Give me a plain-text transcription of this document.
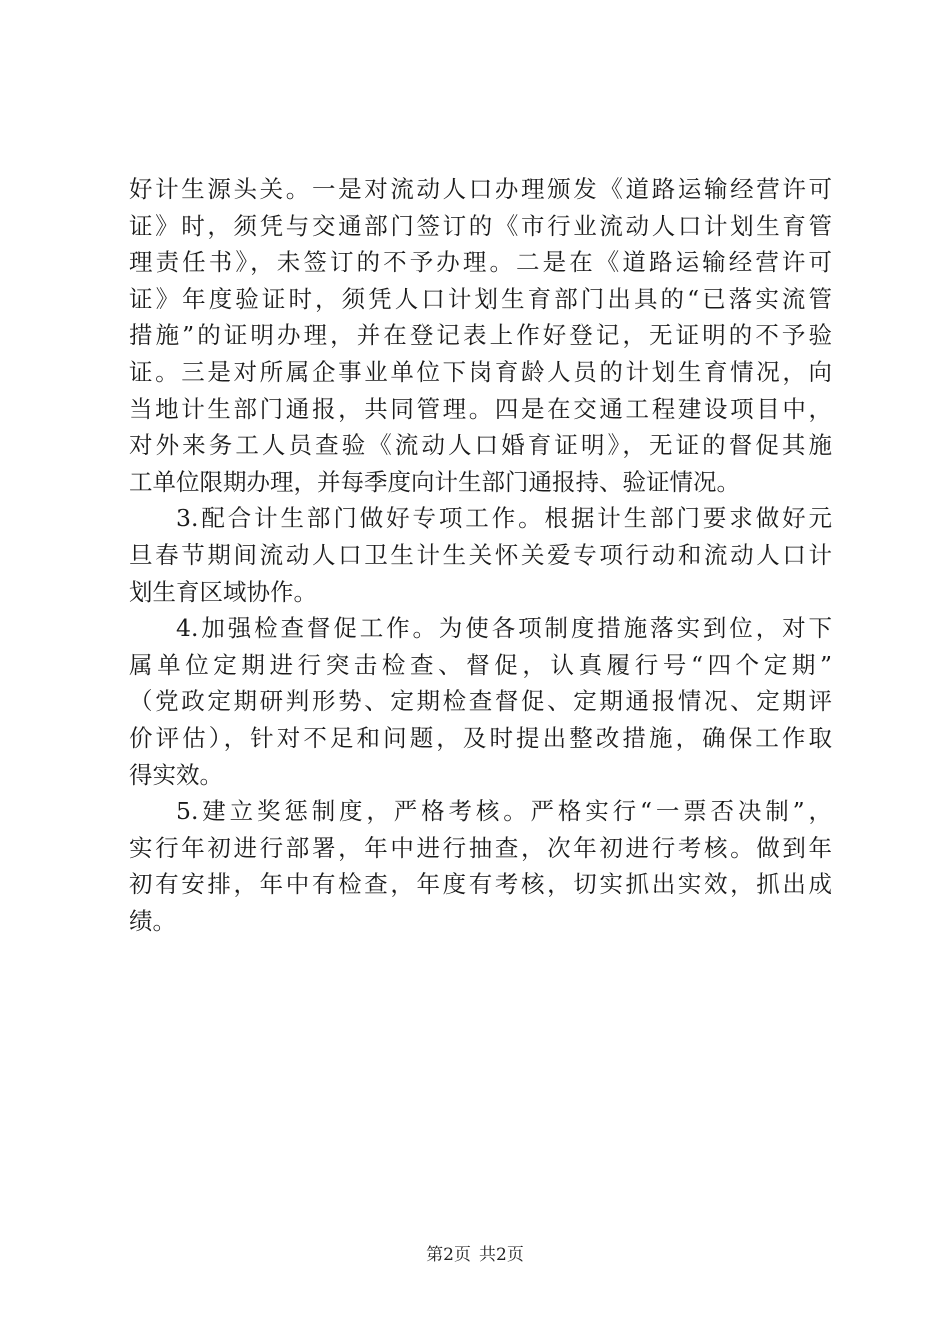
好计生源头关。一是对流动人口办理颁发《道路运输经营许可
证》时，须凭与交通部门签订的《市行业流动人口计划生育管
理责任书》，未签订的不予办理。二是在《道路运输经营许可
证》年度验证时，须凭人口计划生育部门出具的“已落实流管
措施”的证明办理，并在登记表上作好登记，无证明的不予验
证。三是对所属企事业单位下岗育龄人员的计划生育情况，向
当地计生部门通报，共同管理。四是在交通工程建设项目中，
对外来务工人员查验《流动人口婚育证明》，无证的督促其施
工单位限期办理，并每季度向计生部门通报持、验证情况。
3.配合计生部门做好专项工作。根据计生部门要求做好元
旦春节期间流动人口卫生计生关怀关爱专项行动和流动人口计
划生育区域协作。
4.加强检查督促工作。为使各项制度措施落实到位，对下
属单位定期进行突击检查、督促，认真履行号“四个定期”
（党政定期研判形势、定期检查督促、定期通报情况、定期评
价评估），针对不足和问题，及时提出整改措施，确保工作取
得实效。
5.建立奖惩制度，严格考核。严格实行“一票否决制”，
实行年初进行部署，年中进行抽查，次年初进行考核。做到年
初有安排，年中有检查，年度有考核，切实抓出实效，抓出成
绩。
第2页 共2页
